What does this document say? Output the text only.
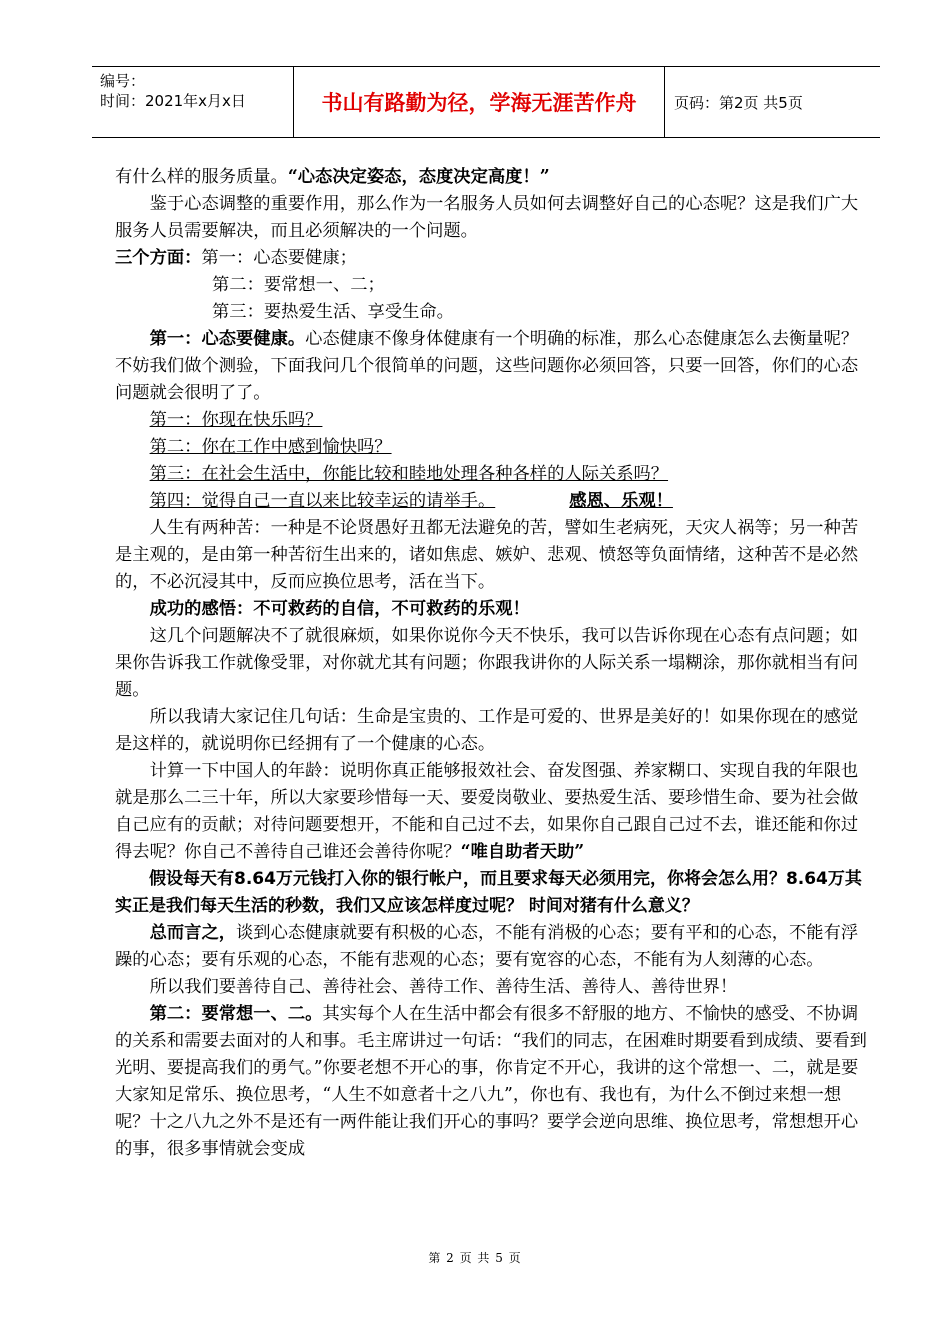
编号：
时间：2021年x月x日	书山有路勤为径，学海无涯苦作舟	页码：第2页 共5页

有什么样的服务质量。“心态决定姿态，态度决定高度！”

鉴于心态调整的重要作用，那么作为一名服务人员如何去调整好自己的心态呢？这是我们广大服务人员需要解决，而且必须解决的一个问题。

三个方面：第一：心态要健康；

第二：要常想一、二；

第三：要热爱生活、享受生命。

第一：心态要健康。心态健康不像身体健康有一个明确的标准，那么心态健康怎么去衡量呢？不妨我们做个测验，下面我问几个很简单的问题，这些问题你必须回答，只要一回答，你们的心态问题就会很明了了。

第一：你现在快乐吗？

第二：你在工作中感到愉快吗？

第三：在社会生活中，你能比较和睦地处理各种各样的人际关系吗？

第四：觉得自己一直以来比较幸运的请举手。	感恩、乐观！

人生有两种苦：一种是不论贤愚好丑都无法避免的苦，譬如生老病死，天灾人祸等；另一种苦是主观的，是由第一种苦衍生出来的，诸如焦虑、嫉妒、悲观、愤怒等负面情绪，这种苦不是必然的，不必沉浸其中，反而应换位思考，活在当下。

成功的感悟：不可救药的自信，不可救药的乐观！

这几个问题解决不了就很麻烦，如果你说你今天不快乐，我可以告诉你现在心态有点问题；如果你告诉我工作就像受罪，对你就尤其有问题；你跟我讲你的人际关系一塌糊涂，那你就相当有问题。

所以我请大家记住几句话：生命是宝贵的、工作是可爱的、世界是美好的！如果你现在的感觉是这样的，就说明你已经拥有了一个健康的心态。

计算一下中国人的年龄：说明你真正能够报效社会、奋发图强、养家糊口、实现自我的年限也就是那么二三十年，所以大家要珍惜每一天、要爱岗敬业、要热爱生活、要珍惜生命、要为社会做自己应有的贡献；对待问题要想开，不能和自己过不去，如果你自己跟自己过不去，谁还能和你过得去呢？你自己不善待自己谁还会善待你呢？“唯自助者天助”

假设每天有8.64万元钱打入你的银行帐户，而且要求每天必须用完，你将会怎么用？8.64万其实正是我们每天生活的秒数，我们又应该怎样度过呢？ 时间对猪有什么意义？

总而言之，谈到心态健康就要有积极的心态，不能有消极的心态；要有平和的心态，不能有浮躁的心态；要有乐观的心态，不能有悲观的心态；要有宽容的心态，不能有为人刻薄的心态。

所以我们要善待自己、善待社会、善待工作、善待生活、善待人、善待世界！

第二：要常想一、二。其实每个人在生活中都会有很多不舒服的地方、不愉快的感受、不协调的关系和需要去面对的人和事。毛主席讲过一句话：“我们的同志，在困难时期要看到成绩、要看到光明、要提高我们的勇气。”你要老想不开心的事，你肯定不开心，我讲的这个常想一、二，就是要大家知足常乐、换位思考，“人生不如意者十之八九”，你也有、我也有，为什么不倒过来想一想呢？十之八九之外不是还有一两件能让我们开心的事吗？要学会逆向思维、换位思考，常想想开心的事，很多事情就会变成

第 2 页 共 5 页
